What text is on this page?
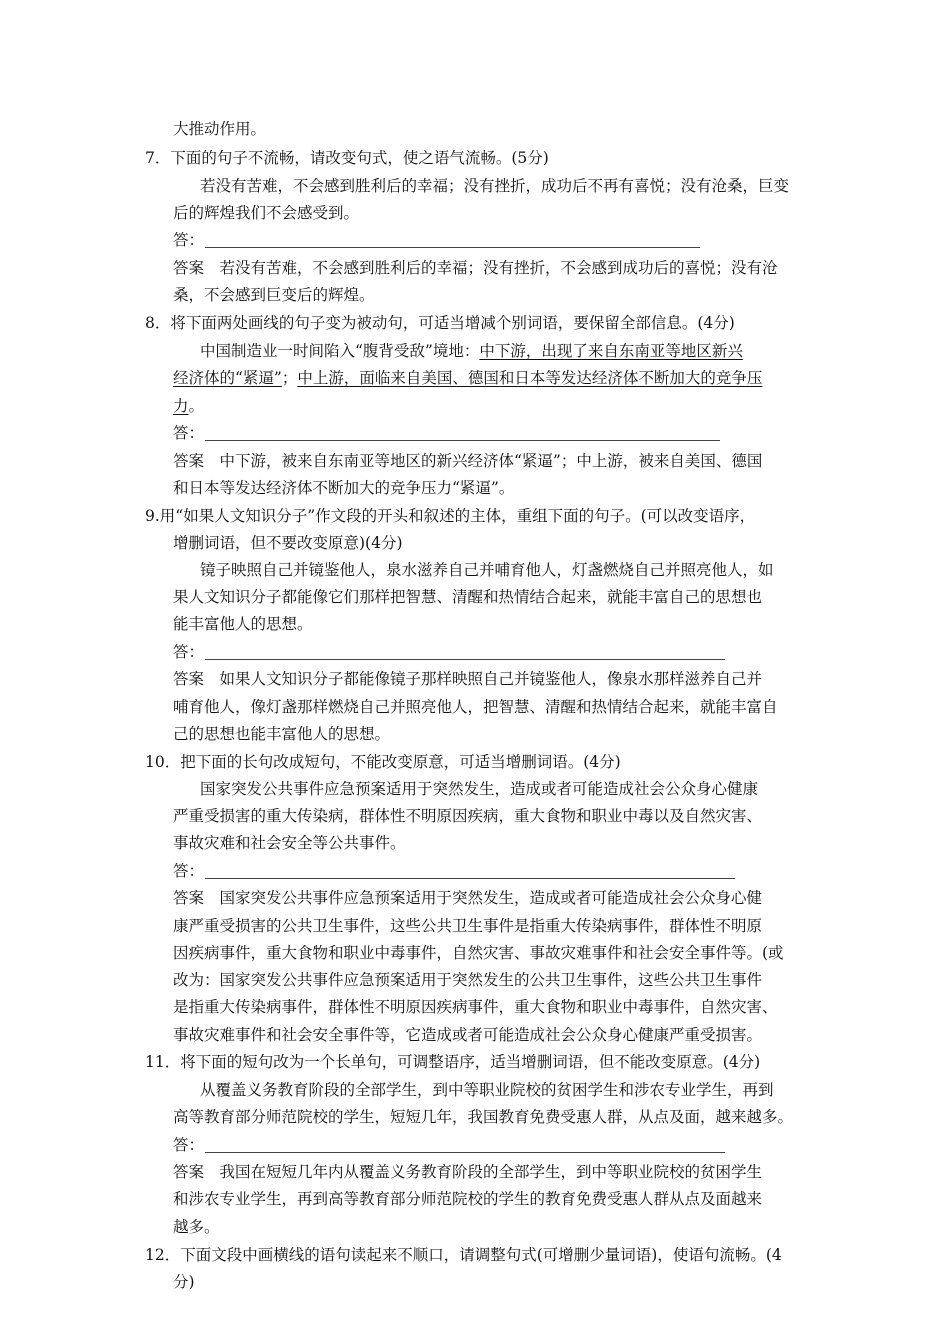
大推动作用。
7．下面的句子不流畅，请改变句式，使之语气流畅。(5分)
若没有苦难，不会感到胜利后的幸福；没有挫折，成功后不再有喜悦；没有沧桑，巨变
后的辉煌我们不会感受到。
答：
答案　若没有苦难，不会感到胜利后的幸福；没有挫折，不会感到成功后的喜悦；没有沧
桑，不会感到巨变后的辉煌。
8．将下面两处画线的句子变为被动句，可适当增减个别词语，要保留全部信息。(4分)
中国制造业一时间陷入“腹背受敌”境地：中下游，出现了来自东南亚等地区新兴
经济体的“紧逼”；中上游，面临来自美国、德国和日本等发达经济体不断加大的竞争压
力。
答：
答案　中下游，被来自东南亚等地区的新兴经济体“紧逼”；中上游，被来自美国、德国
和日本等发达经济体不断加大的竞争压力“紧逼”。
9.用“如果人文知识分子”作文段的开头和叙述的主体，重组下面的句子。(可以改变语序，
增删词语，但不要改变原意)(4分)
镜子映照自己并镜鉴他人，泉水滋养自己并哺育他人，灯盏燃烧自己并照亮他人，如
果人文知识分子都能像它们那样把智慧、清醒和热情结合起来，就能丰富自己的思想也
能丰富他人的思想。
答：
答案　如果人文知识分子都能像镜子那样映照自己并镜鉴他人，像泉水那样滋养自己并
哺育他人，像灯盏那样燃烧自己并照亮他人，把智慧、清醒和热情结合起来，就能丰富自
己的思想也能丰富他人的思想。
10．把下面的长句改成短句，不能改变原意，可适当增删词语。(4分)
国家突发公共事件应急预案适用于突然发生，造成或者可能造成社会公众身心健康
严重受损害的重大传染病，群体性不明原因疾病，重大食物和职业中毒以及自然灾害、
事故灾难和社会安全等公共事件。
答：
答案　国家突发公共事件应急预案适用于突然发生，造成或者可能造成社会公众身心健
康严重受损害的公共卫生事件，这些公共卫生事件是指重大传染病事件，群体性不明原
因疾病事件，重大食物和职业中毒事件，自然灾害、事故灾难事件和社会安全事件等。(或
改为：国家突发公共事件应急预案适用于突然发生的公共卫生事件，这些公共卫生事件
是指重大传染病事件，群体性不明原因疾病事件，重大食物和职业中毒事件，自然灾害、
事故灾难事件和社会安全事件等，它造成或者可能造成社会公众身心健康严重受损害。
11．将下面的短句改为一个长单句，可调整语序，适当增删词语，但不能改变原意。(4分)
从覆盖义务教育阶段的全部学生，到中等职业院校的贫困学生和涉农专业学生，再到
高等教育部分师范院校的学生，短短几年，我国教育免费受惠人群，从点及面，越来越多。
答：
答案　我国在短短几年内从覆盖义务教育阶段的全部学生，到中等职业院校的贫困学生
和涉农专业学生，再到高等教育部分师范院校的学生的教育免费受惠人群从点及面越来
越多。
12．下面文段中画横线的语句读起来不顺口，请调整句式(可增删少量词语)，使语句流畅。(4
分)
